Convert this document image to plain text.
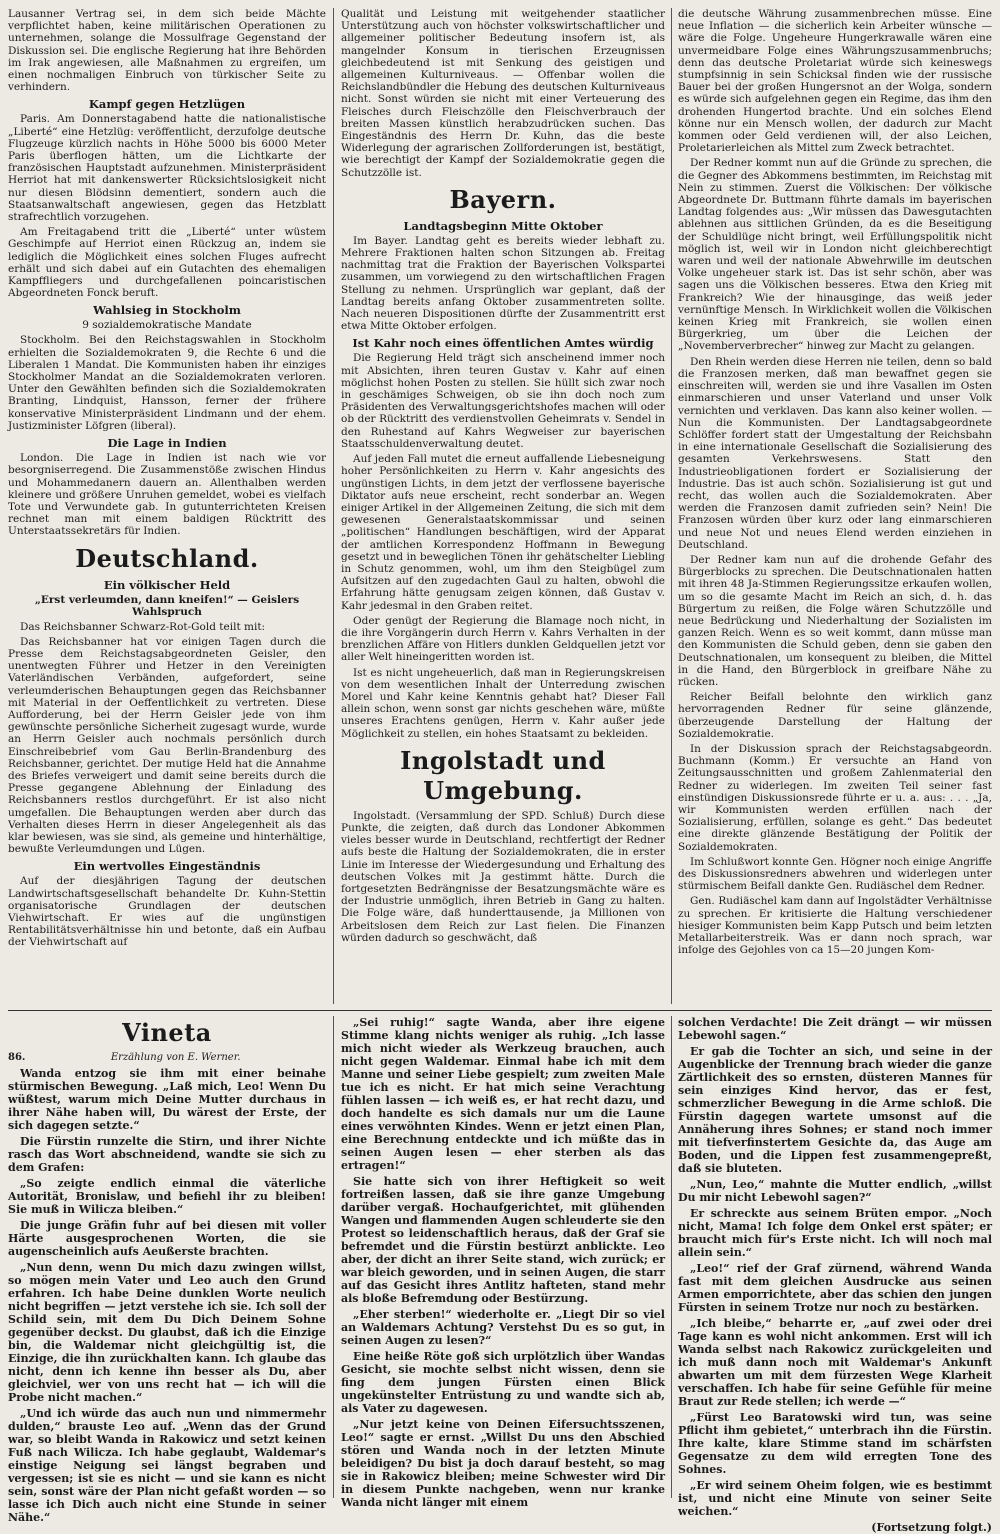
Lausanner Vertrag sei, in dem sich beide Mächte verpflichtet haben, keine militärischen Operationen zu unternehmen, solange die Mossulfrage Gegenstand der Diskussion sei. Die englische Regierung hat ihre Behörden im Irak angewiesen, alle Maßnahmen zu ergreifen, um einen nochmaligen Einbruch von türkischer Seite zu verhindern.

Kampf gegen Hetzlügen

Paris. Am Donnerstagabend hatte die nationalistische „Liberté“ eine Hetzlüg: veröffentlicht, derzufolge deutsche Flugzeuge kürzlich nachts in Höhe 5000 bis 6000 Meter Paris überflogen hätten, um die Lichtkarte der französischen Hauptstadt aufzunehmen. Ministerpräsident Herriot hat mit dankenswerter Rücksichtslosigkeit nicht nur diesen Blödsinn dementiert, sondern auch die Staatsanwaltschaft angewiesen, gegen das Hetzblatt strafrechtlich vorzugehen.

Am Freitagabend tritt die „Liberté“ unter wüstem Geschimpfe auf Herriot einen Rückzug an, indem sie lediglich die Möglichkeit eines solchen Fluges aufrecht erhält und sich dabei auf ein Gutachten des ehemaligen Kampffliegers und durchgefallenen poincaristischen Abgeordneten Fonck beruft.

Wahlsieg in Stockholm
9 sozialdemokratische Mandate

Stockholm. Bei den Reichstagswahlen in Stockholm erhielten die Sozialdemokraten 9, die Rechte 6 und die Liberalen 1 Mandat. Die Kommunisten haben ihr einziges Stockholmer Mandat an die Sozialdemokraten verloren. Unter den Gewählten befinden sich die Sozialdemokraten Branting, Lindquist, Hansson, ferner der frühere konservative Ministerpräsident Lindmann und der ehem. Justizminister Löfgren (liberal).

Die Lage in Indien

London. Die Lage in Indien ist nach wie vor besorgniserregend. Die Zusammenstöße zwischen Hindus und Mohammedanern dauern an. Allenthalben werden kleinere und größere Unruhen gemeldet, wobei es vielfach Tote und Verwundete gab. In gutunterrichteten Kreisen rechnet man mit einem baldigen Rücktritt des Unterstaatssekretärs für Indien.

Deutschland.
Ein völkischer Held
„Erst verleumden, dann kneifen!“ — Geislers Wahlspruch

Das Reichsbanner Schwarz-Rot-Gold teilt mit:

Das Reichsbanner hat vor einigen Tagen durch die Presse dem Reichstagsabgeordneten Geisler, den unentwegten Führer und Hetzer in den Vereinigten Vaterländischen Verbänden, aufgefordert, seine verleumderischen Behauptungen gegen das Reichsbanner mit Material in der Oeffentlichkeit zu vertreten. Diese Aufforderung, bei der Herrn Geisler jede von ihm gewünschte persönliche Sicherheit zugesagt wurde, wurde an Herrn Geisler auch nochmals persönlich durch Einschreibebrief vom Gau Berlin-Brandenburg des Reichsbanner, gerichtet. Der mutige Held hat die Annahme des Briefes verweigert und damit seine bereits durch die Presse gegangene Ablehnung der Einladung des Reichsbanners restlos durchgeführt. Er ist also nicht umgefallen. Die Behauptungen werden aber durch das Verhalten dieses Herrn in dieser Angelegenheit als das klar bewiesen, was sie sind, als gemeine und hinterhältige, bewußte Verleumdungen und Lügen.

Ein wertvolles Eingeständnis

Auf der diesjährigen Tagung der deutschen Landwirtschaftsgesellschaft behandelte Dr. Kuhn-Stettin organisatorische Grundlagen der deutschen Viehwirtschaft. Er wies auf die ungünstigen Rentabilitätsverhältnisse hin und betonte, daß ein Aufbau der Viehwirtschaft auf

Qualität und Leistung mit weitgehender staatlicher Unterstützung auch von höchster volkswirtschaftlicher und allgemeiner politischer Bedeutung insofern ist, als mangelnder Konsum in tierischen Erzeugnissen gleichbedeutend ist mit Senkung des geistigen und allgemeinen Kulturniveaus. — Offenbar wollen die Reichslandbündler die Hebung des deutschen Kulturniveaus nicht. Sonst würden sie nicht mit einer Verteuerung des Fleisches durch Fleischzölle den Fleischverbrauch der breiten Massen künstlich herabzudrücken suchen. Das Eingeständnis des Herrn Dr. Kuhn, das die beste Widerlegung der agrarischen Zollforderungen ist, bestätigt, wie berechtigt der Kampf der Sozialdemokratie gegen die Schutzzölle ist.

Bayern.
Landtagsbeginn Mitte Oktober

Im Bayer. Landtag geht es bereits wieder lebhaft zu. Mehrere Fraktionen halten schon Sitzungen ab. Freitag nachmittag trat die Fraktion der Bayerischen Volkspartei zusammen, um vorwiegend zu den wirtschaftlichen Fragen Stellung zu nehmen. Ursprünglich war geplant, daß der Landtag bereits anfang Oktober zusammentreten sollte. Nach neueren Dispositionen dürfte der Zusammentritt erst etwa Mitte Oktober erfolgen.

Ist Kahr noch eines öffentlichen Amtes würdig

Die Regierung Held trägt sich anscheinend immer noch mit Absichten, ihren teuren Gustav v. Kahr auf einen möglichst hohen Posten zu stellen. Sie hüllt sich zwar noch in geschämiges Schweigen, ob sie ihn doch noch zum Präsidenten des Verwaltungsgerichtshofes machen will oder ob der Rücktritt des verdienstvollen Geheimrats v. Sendel in den Ruhestand auf Kahrs Wegweiser zur bayerischen Staatsschuldenverwaltung deutet.

Auf jeden Fall mutet die erneut auffallende Liebesneigung hoher Persönlichkeiten zu Herrn v. Kahr angesichts des ungünstigen Lichts, in dem jetzt der verflossene bayerische Diktator aufs neue erscheint, recht sonderbar an. Wegen einiger Artikel in der Allgemeinen Zeitung, die sich mit dem gewesenen Generalstaatskommissar und seinen „politischen“ Handlungen beschäftigen, wird der Apparat der amtlichen Korrespondenz Hoffmann in Bewegung gesetzt und in beweglichen Tönen ihr gehätschelter Liebling in Schutz genommen, wohl, um ihm den Steigbügel zum Aufsitzen auf den zugedachten Gaul zu halten, obwohl die Erfahrung hätte genugsam zeigen können, daß Gustav v. Kahr jedesmal in den Graben reitet.

Oder genügt der Regierung die Blamage noch nicht, in die ihre Vorgängerin durch Herrn v. Kahrs Verhalten in der brenzlichen Affäre von Hitlers dunklen Geldquellen jetzt vor aller Welt hineingeritten worden ist.

Ist es nicht ungeheuerlich, daß man in Regierungskreisen von dem wesentlichen Inhalt der Unterredung zwischen Morel und Kahr keine Kenntnis gehabt hat? Dieser Fall allein schon, wenn sonst gar nichts geschehen wäre, müßte unseres Erachtens genügen, Herrn v. Kahr außer jede Möglichkeit zu stellen, ein hohes Staatsamt zu bekleiden.

Ingolstadt und Umgebung.

Ingolstadt. (Versammlung der SPD. Schluß) Durch diese Punkte, die zeigten, daß durch das Londoner Abkommen vieles besser wurde in Deutschland, rechtfertigt der Redner aufs beste die Haltung der Sozialdemokraten, die in erster Linie im Interesse der Wiedergesundung und Erhaltung des deutschen Volkes mit Ja gestimmt hätte. Durch die fortgesetzten Bedrängnisse der Besatzungsmächte wäre es der Industrie unmöglich, ihren Betrieb in Gang zu halten. Die Folge wäre, daß hunderttausende, ja Millionen von Arbeitslosen dem Reich zur Last fielen. Die Finanzen würden dadurch so geschwächt, daß

die deutsche Währung zusammenbrechen müsse. Eine neue Inflation — die sicherlich kein Arbeiter wünsche — wäre die Folge. Ungeheure Hungerkrawalle wären eine unvermeidbare Folge eines Währungszusammenbruchs; denn das deutsche Proletariat würde sich keineswegs stumpfsinnig in sein Schicksal finden wie der russische Bauer bei der großen Hungersnot an der Wolga, sondern es würde sich aufgelehnen gegen ein Regime, das ihm den drohenden Hungertod brachte. Und ein solches Elend könne nur ein Mensch wollen, der dadurch zur Macht kommen oder Geld verdienen will, der also Leichen, Proletarierleichen als Mittel zum Zweck betrachtet.

Der Redner kommt nun auf die Gründe zu sprechen, die die Gegner des Abkommens bestimmten, im Reichstag mit Nein zu stimmen. Zuerst die Völkischen: Der völkische Abgeordnete Dr. Buttmann führte damals im bayerischen Landtag folgendes aus: „Wir müssen das Dawesgutachten ablehnen aus sittlichen Gründen, da es die Beseitigung der Schuldlüge nicht bringt, weil Erfüllungspolitik nicht möglich ist, weil wir in London nicht gleichberechtigt waren und weil der nationale Abwehrwille im deutschen Volke ungeheuer stark ist. Das ist sehr schön, aber was sagen uns die Völkischen besseres. Etwa den Krieg mit Frankreich? Wie der hinausginge, das weiß jeder vernünftige Mensch. In Wirklichkeit wollen die Völkischen keinen Krieg mit Frankreich, sie wollen einen Bürgerkrieg, um über die Leichen der „Novemberverbrecher“ hinweg zur Macht zu gelangen.

Den Rhein werden diese Herren nie teilen, denn so bald die Franzosen merken, daß man bewaffnet gegen sie einschreiten will, werden sie und ihre Vasallen im Osten einmarschieren und unser Vaterland und unser Volk vernichten und verklaven. Das kann also keiner wollen. — Nun die Kommunisten. Der Landtagsabgeordnete Schlöffer fordert statt der Umgestaltung der Reichsbahn in eine internationale Gesellschaft die Sozialisierung des gesamten Verkehrswesens. Statt den Industrieobligationen fordert er Sozialisierung der Industrie. Das ist auch schön. Sozialisierung ist gut und recht, das wollen auch die Sozialdemokraten. Aber werden die Franzosen damit zufrieden sein? Nein! Die Franzosen würden über kurz oder lang einmarschieren und neue Not und neues Elend werden einziehen in Deutschland.

Der Redner kam nun auf die drohende Gefahr des Bürgerblocks zu sprechen. Die Deutschnationalen hatten mit ihren 48 Ja-Stimmen Regierungssitze erkaufen wollen, um so die gesamte Macht im Reich an sich, d. h. das Bürgertum zu reißen, die Folge wären Schutzzölle und neue Bedrückung und Niederhaltung der Sozialisten im ganzen Reich. Wenn es so weit kommt, dann müsse man den Kommunisten die Schuld geben, denn sie gaben den Deutschnationalen, um konsequent zu bleiben, die Mittel in die Hand, den Bürgerblock in greifbare Nähe zu rücken.

Reicher Beifall belohnte den wirklich ganz hervorragenden Redner für seine glänzende, überzeugende Darstellung der Haltung der Sozialdemokratie.

In der Diskussion sprach der Reichstagsabgeordn. Buchmann (Komm.) Er versuchte an Hand von Zeitungsausschnitten und großem Zahlenmaterial den Redner zu widerlegen. Im zweiten Teil seiner fast einstündigen Diskussionsrede führte er u. a. aus: . . . „Ja, wir Kommunisten werden erfüllen nach der Sozialisierung, erfüllen, solange es geht.“ Das bedeutet eine direkte glänzende Bestätigung der Politik der Sozialdemokraten.

Im Schlußwort konnte Gen. Högner noch einige Angriffe des Diskussionsredners abwehren und widerlegen unter stürmischem Beifall dankte Gen. Rudiäschel dem Redner.

Gen. Rudiäschel kam dann auf Ingolstädter Verhältnisse zu sprechen. Er kritisierte die Haltung verschiedener hiesiger Kommunisten beim Kapp Putsch und beim letzten Metallarbeiterstreik. Was er dann noch sprach, war infolge des Gejohles von ca 15—20 jungen Kom-

Vineta
86.	Erzählung von E. Werner.

Wanda entzog sie ihm mit einer beinahe stürmischen Bewegung. „Laß mich, Leo! Wenn Du wüßtest, warum mich Deine Mutter durchaus in ihrer Nähe haben will, Du wärest der Erste, der sich dagegen setzte.“

Die Fürstin runzelte die Stirn, und ihrer Nichte rasch das Wort abschneidend, wandte sie sich zu dem Grafen:

„So zeigte endlich einmal die väterliche Autorität, Bronislaw, und befiehl ihr zu bleiben! Sie muß in Wilicza bleiben.“

Die junge Gräfin fuhr auf bei diesen mit voller Härte ausgesprochenen Worten, die sie augenscheinlich aufs Aeußerste brachten.

„Nun denn, wenn Du mich dazu zwingen willst, so mögen mein Vater und Leo auch den Grund erfahren. Ich habe Deine dunklen Worte neulich nicht begriffen — jetzt verstehe ich sie. Ich soll der Schild sein, mit dem Du Dich Deinem Sohne gegenüber deckst. Du glaubst, daß ich die Einzige bin, die Waldemar nicht gleichgültig ist, die Einzige, die ihn zurückhalten kann. Ich glaube das nicht, denn ich kenne ihn besser als Du, aber gleichviel, wer von uns recht hat — ich will die Probe nicht machen.“

„Und ich würde das auch nun und nimmermehr dulden,“ brauste Leo auf. „Wenn das der Grund war, so bleibt Wanda in Rakowicz und setzt keinen Fuß nach Wilicza. Ich habe geglaubt, Waldemar's einstige Neigung sei längst begraben und vergessen; ist sie es nicht — und sie kann es nicht sein, sonst wäre der Plan nicht gefaßt worden — so lasse ich Dich auch nicht eine Stunde in seiner Nähe.“

„Sei ruhig!“ sagte Wanda, aber ihre eigene Stimme klang nichts weniger als ruhig. „Ich lasse mich nicht wieder als Werkzeug brauchen, auch nicht gegen Waldemar. Einmal habe ich mit dem Manne und seiner Liebe gespielt; zum zweiten Male tue ich es nicht. Er hat mich seine Verachtung fühlen lassen — ich weiß es, er hat recht dazu, und doch handelte es sich damals nur um die Laune eines verwöhnten Kindes. Wenn er jetzt einen Plan, eine Berechnung entdeckte und ich müßte das in seinen Augen lesen — eher sterben als das ertragen!“

Sie hatte sich von ihrer Heftigkeit so weit fortreißen lassen, daß sie ihre ganze Umgebung darüber vergaß. Hochaufgerichtet, mit glühenden Wangen und flammenden Augen schleuderte sie den Protest so leidenschaftlich heraus, daß der Graf sie befremdet und die Fürstin bestürzt anblickte. Leo aber, der dicht an ihrer Seite stand, wich zurück; er war bleich geworden, und in seinen Augen, die starr auf das Gesicht ihres Antlitz hafteten, stand mehr als bloße Befremdung oder Bestürzung.

„Eher sterben!“ wiederholte er. „Liegt Dir so viel an Waldemars Achtung? Verstehst Du es so gut, in seinen Augen zu lesen?“

Eine heiße Röte goß sich urplötzlich über Wandas Gesicht, sie mochte selbst nicht wissen, denn sie fing dem jungen Fürsten einen Blick ungekünstelter Entrüstung zu und wandte sich ab, als Vater zu dagewesen.

„Nur jetzt keine von Deinen Eifersuchtsszenen, Leo!“ sagte er ernst. „Willst Du uns den Abschied stören und Wanda noch in der letzten Minute beleidigen? Du bist ja doch darauf besteht, so mag sie in Rakowicz bleiben; meine Schwester wird Dir in diesem Punkte nachgeben, wenn nur kranke Wanda nicht länger mit einem

solchen Verdachte! Die Zeit drängt — wir müssen Lebewohl sagen.“

Er gab die Tochter an sich, und seine in der Augenblicke der Trennung brach wieder die ganze Zärtlichkeit des so ernsten, düsteren Mannes für sein einziges Kind hervor, das er fest, schmerzlicher Bewegung in die Arme schloß. Die Fürstin dagegen wartete umsonst auf die Annäherung ihres Sohnes; er stand noch immer mit tiefverfinstertem Gesichte da, das Auge am Boden, und die Lippen fest zusammengepreßt, daß sie bluteten.

„Nun, Leo,“ mahnte die Mutter endlich, „willst Du mir nicht Lebewohl sagen?“

Er schreckte aus seinem Brüten empor. „Noch nicht, Mama! Ich folge dem Onkel erst später; er braucht mich für's Erste nicht. Ich will noch mal allein sein.“

„Leo!“ rief der Graf zürnend, während Wanda fast mit dem gleichen Ausdrucke aus seinen Armen emporrichtete, aber das schien den jungen Fürsten in seinem Trotze nur noch zu bestärken.

„Ich bleibe,“ beharrte er, „auf zwei oder drei Tage kann es wohl nicht ankommen. Erst will ich Wanda selbst nach Rakowicz zurückgeleiten und ich muß dann noch mit Waldemar's Ankunft abwarten um mit dem fürzesten Wege Klarheit verschaffen. Ich habe für seine Gefühle für meine Braut zur Rede stellen; ich werde —“

„Fürst Leo Baratowski wird tun, was seine Pflicht ihm gebietet,“ unterbrach ihn die Fürstin. Ihre kalte, klare Stimme stand im schärfsten Gegensatze zu dem wild erregten Tone des Sohnes.

„Er wird seinem Oheim folgen, wie es bestimmt ist, und nicht eine Minute von seiner Seite weichen.“

(Fortsetzung folgt.)
